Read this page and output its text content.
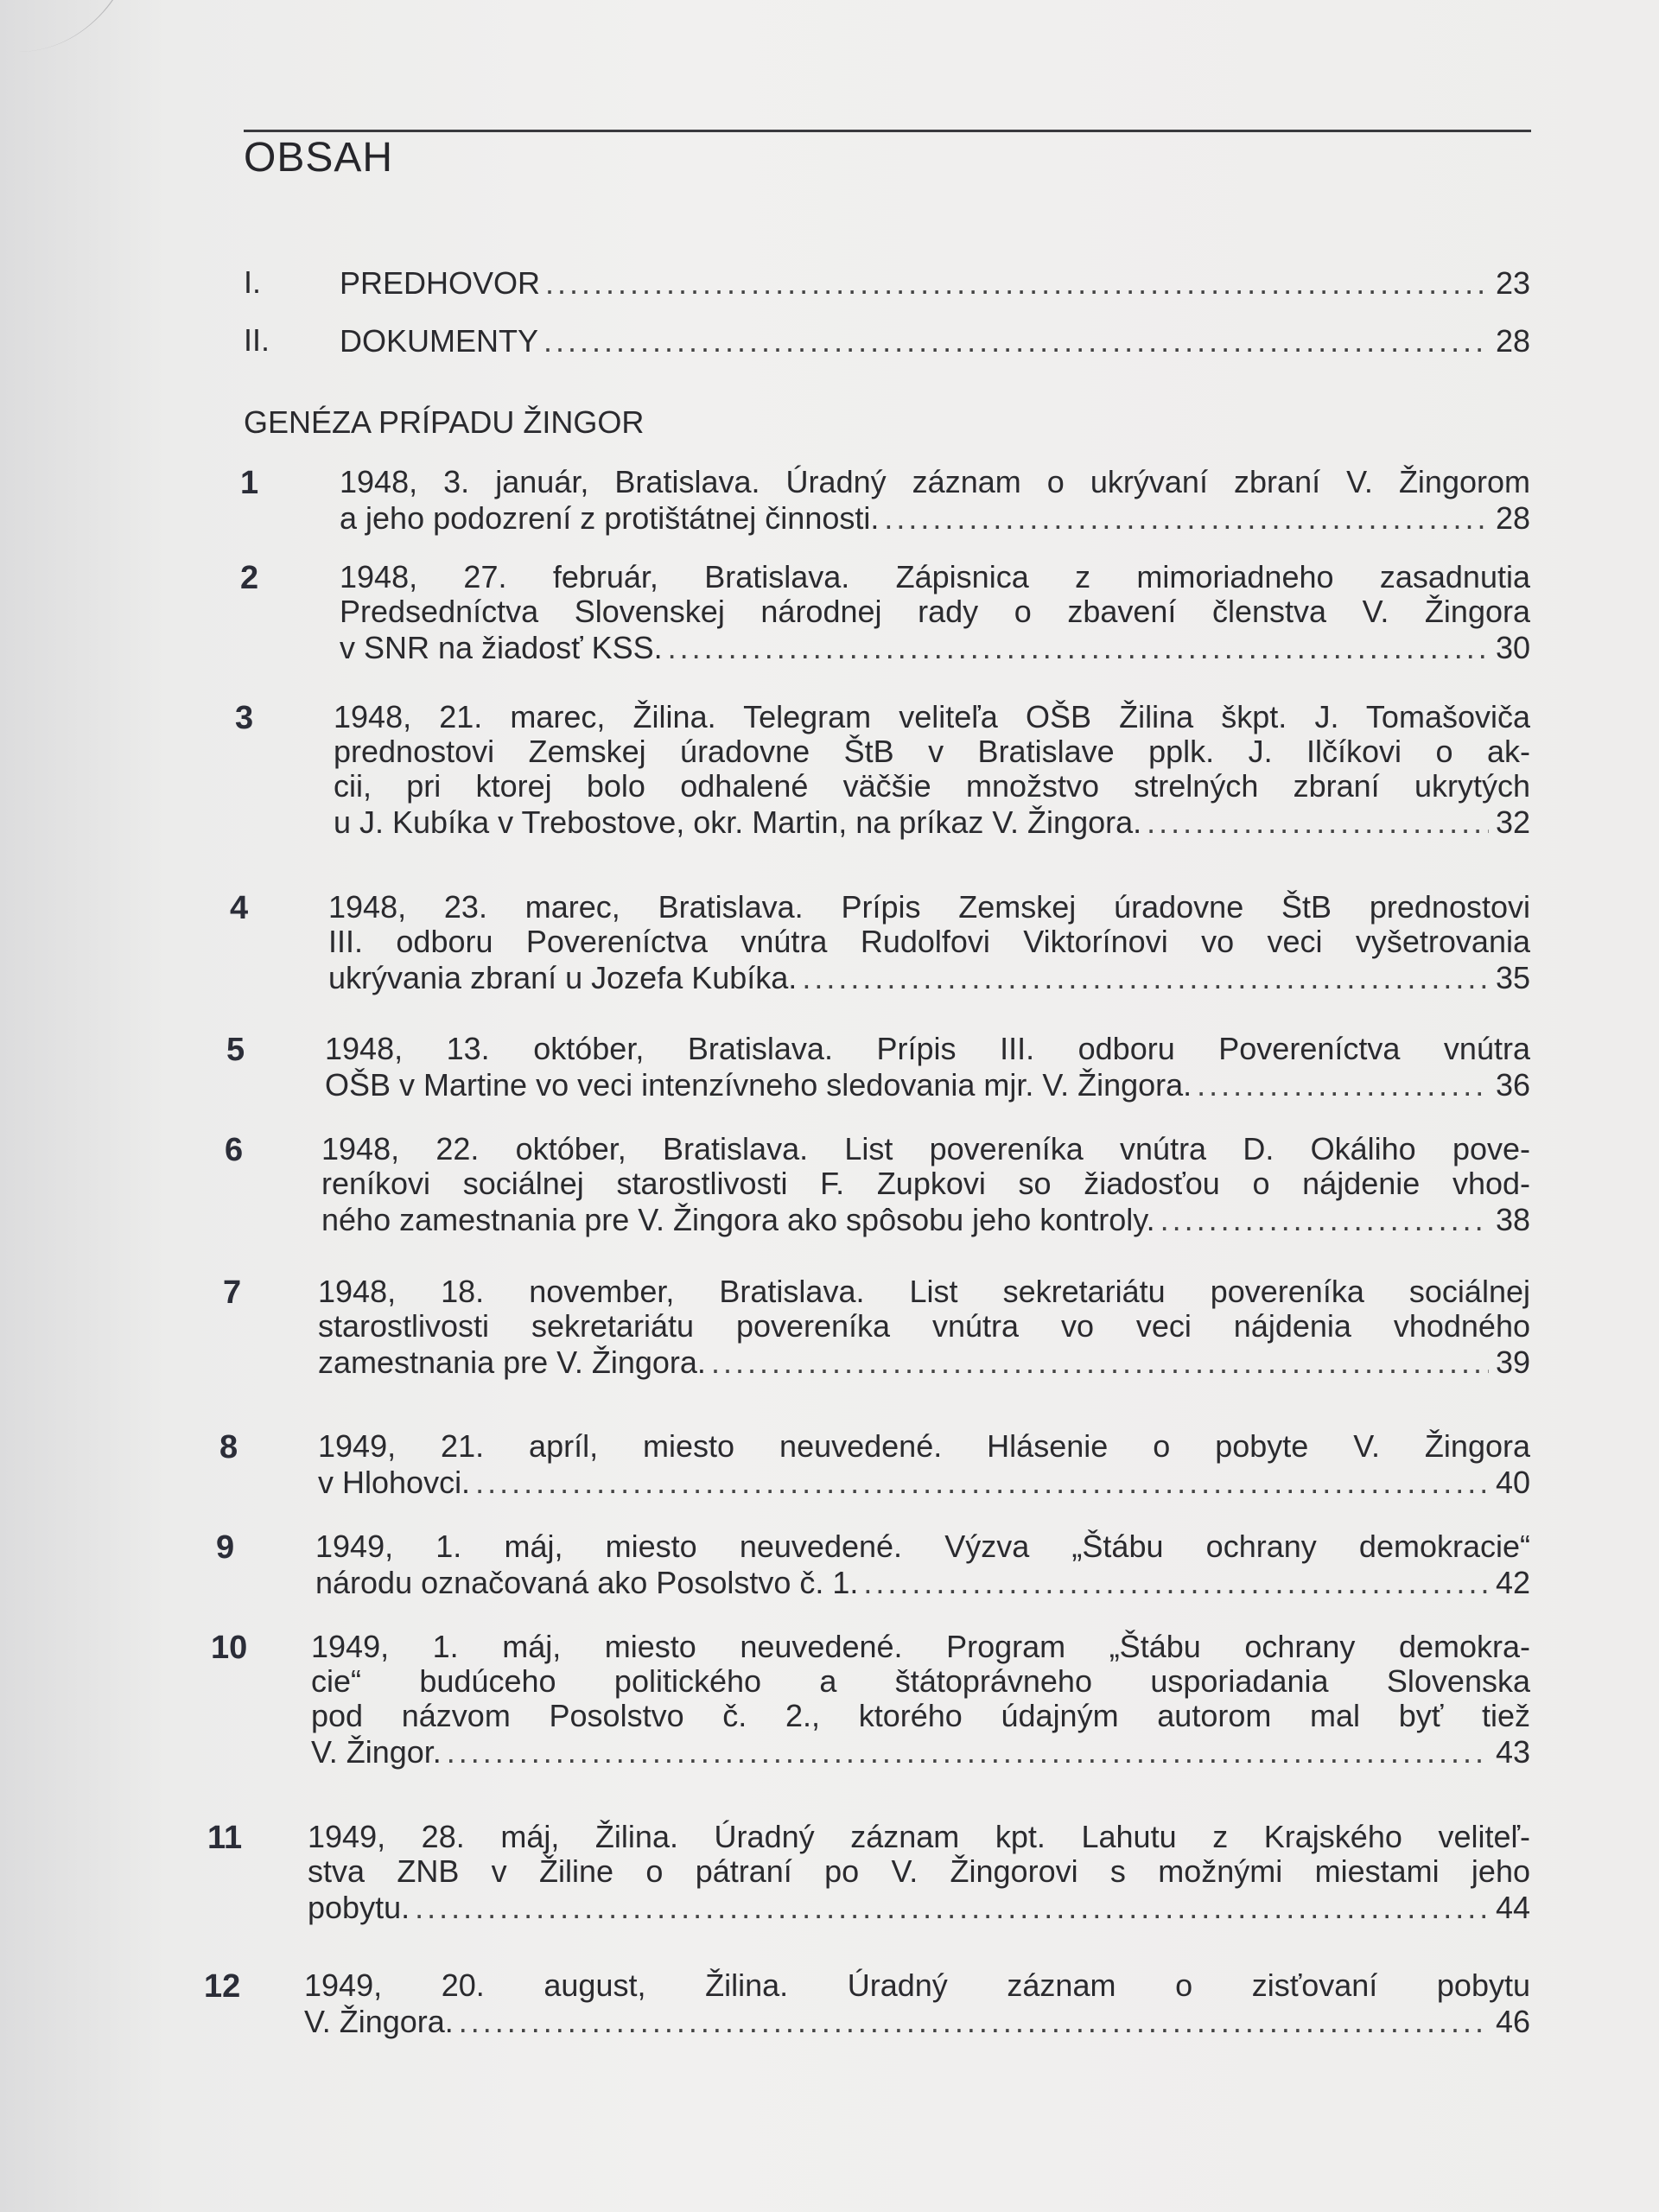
OBSAH
I.	PREDHOVOR .....	23
II. DOKUMENTY .....	28
GENÉZA PRÍPADU ŽINGOR
1	1948, 3. január, Bratislava. Úradný záznam o ukrývaní zbraní V. Žingorom
a jeho podozrení z protištátnej činnosti. .....	28
2	1948, 27. február, Bratislava. Zápisnica z mimoriadneho zasadnutia
Predsedníctva Slovenskej národnej rady o zbavení členstva V. Žingora
v SNR na žiadosť KSS. .....	30
3	1948, 21. marec, Žilina. Telegram veliteľa OŠB Žilina škpt. J. Tomašoviča
prednostovi Zemskej úradovne ŠtB v Bratislave pplk. J. Ilčíkovi o ak-
cii, pri ktorej bolo odhalené väčšie množstvo strelných zbraní ukrytých
u J. Kubíka v Trebostove, okr. Martin, na príkaz V. Žingora. .....	32
4	1948, 23. marec, Bratislava. Prípis Zemskej úradovne ŠtB prednostovi
III. odboru Povereníctva vnútra Rudolfovi Viktorínovi vo veci vyšetrovania
ukrývania zbraní u Jozefa Kubíka. .....	35
5	1948, 13. október, Bratislava. Prípis III. odboru Povereníctva vnútra
OŠB v Martine vo veci intenzívneho sledovania mjr. V. Žingora. .....	36
6	1948, 22. október, Bratislava. List povereníka vnútra D. Okáliho pove-
reníkovi sociálnej starostlivosti F. Zupkovi so žiadosťou o nájdenie vhod-
ného zamestnania pre V. Žingora ako spôsobu jeho kontroly. .....	38
7 1948, 18. november, Bratislava. List sekretariátu povereníka sociálnej
starostlivosti sekretariátu povereníka vnútra vo veci nájdenia vhodného
zamestnania pre V. Žingora. .....	39
8	1949, 21. apríl, miesto neuvedené. Hlásenie o pobyte V. Žingora
v Hlohovci. .....	40
9	1949, 1. máj, miesto neuvedené. Výzva „Štábu ochrany demokracie“
národu označovaná ako Posolstvo č. 1. .....	42
10 1949, 1. máj, miesto neuvedené. Program „Štábu ochrany demokra-
cie“ budúceho politického a štátoprávneho usporiadania Slovenska
pod názvom Posolstvo č. 2., ktorého údajným autorom mal byť tiež
V. Žingor. .....	43
11 1949, 28. máj, Žilina. Úradný záznam kpt. Lahutu z Krajského veliteľ-
stva ZNB v Žiline o pátraní po V. Žingorovi s možnými miestami jeho
pobytu. .....	44
12 1949, 20. august, Žilina. Úradný záznam o zisťovaní pobytu
V. Žingora. .....	46
